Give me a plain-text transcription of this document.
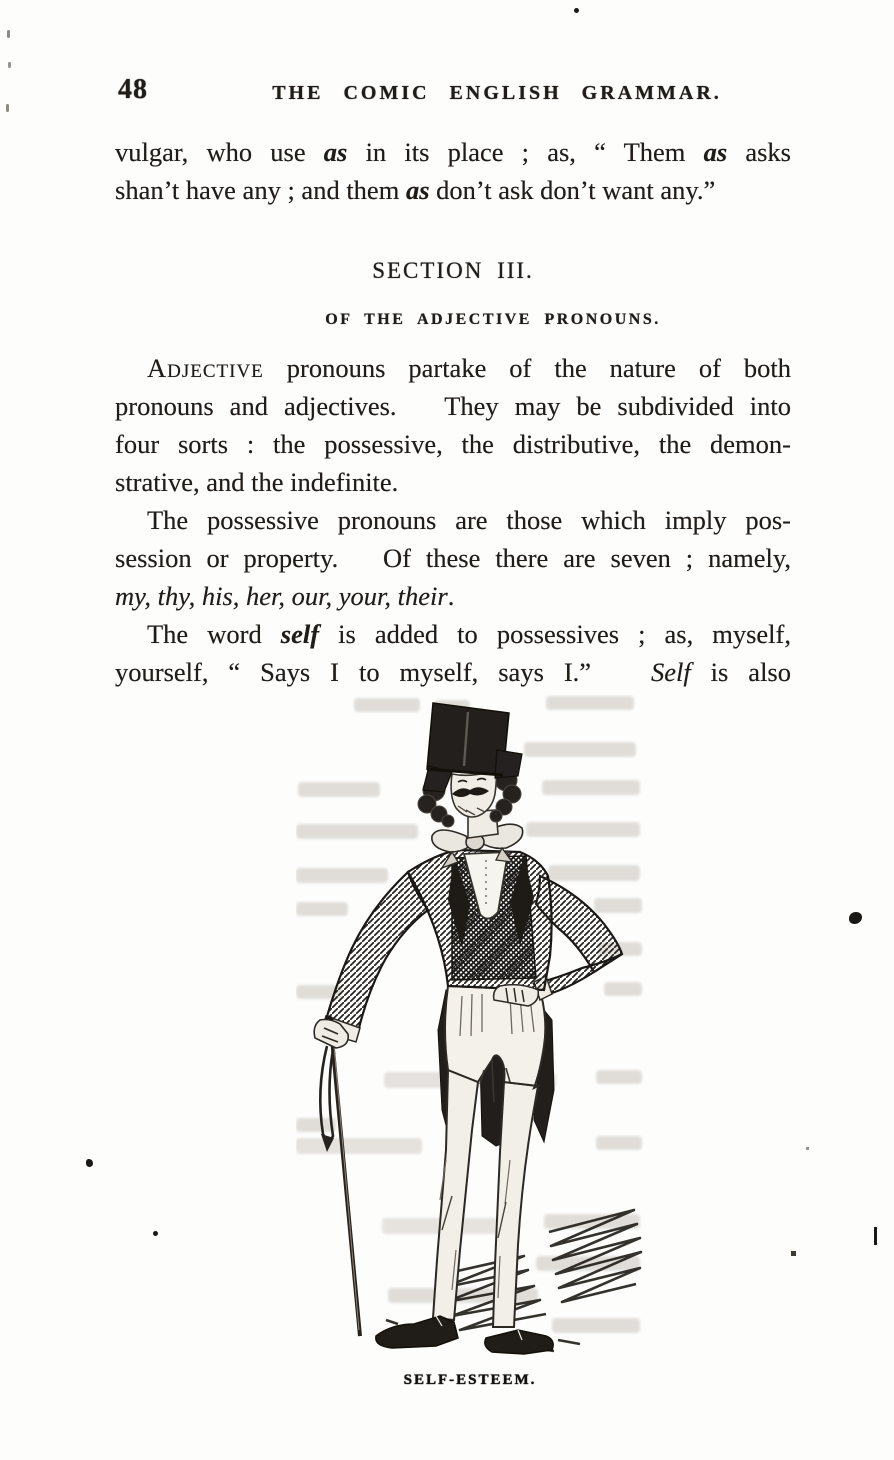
48	THE COMIC ENGLISH GRAMMAR.
vulgar, who use as in its place ; as, “ Them as asks
shan’t have any ; and them as don’t ask don’t want any.”
SECTION III.
OF THE ADJECTIVE PRONOUNS.
Adjective pronouns partake of the nature of both
pronouns and adjectives.   They may be subdivided into
four sorts : the possessive, the distributive, the demon-
strative, and the indefinite.
The possessive pronouns are those which imply pos-
session or property.   Of these there are seven ; namely,
my, thy, his, her, our, your, their.
The word self is added to possessives ; as, myself,
yourself, “ Says I to myself, says I.”   Self is also
SELF-ESTEEM.
